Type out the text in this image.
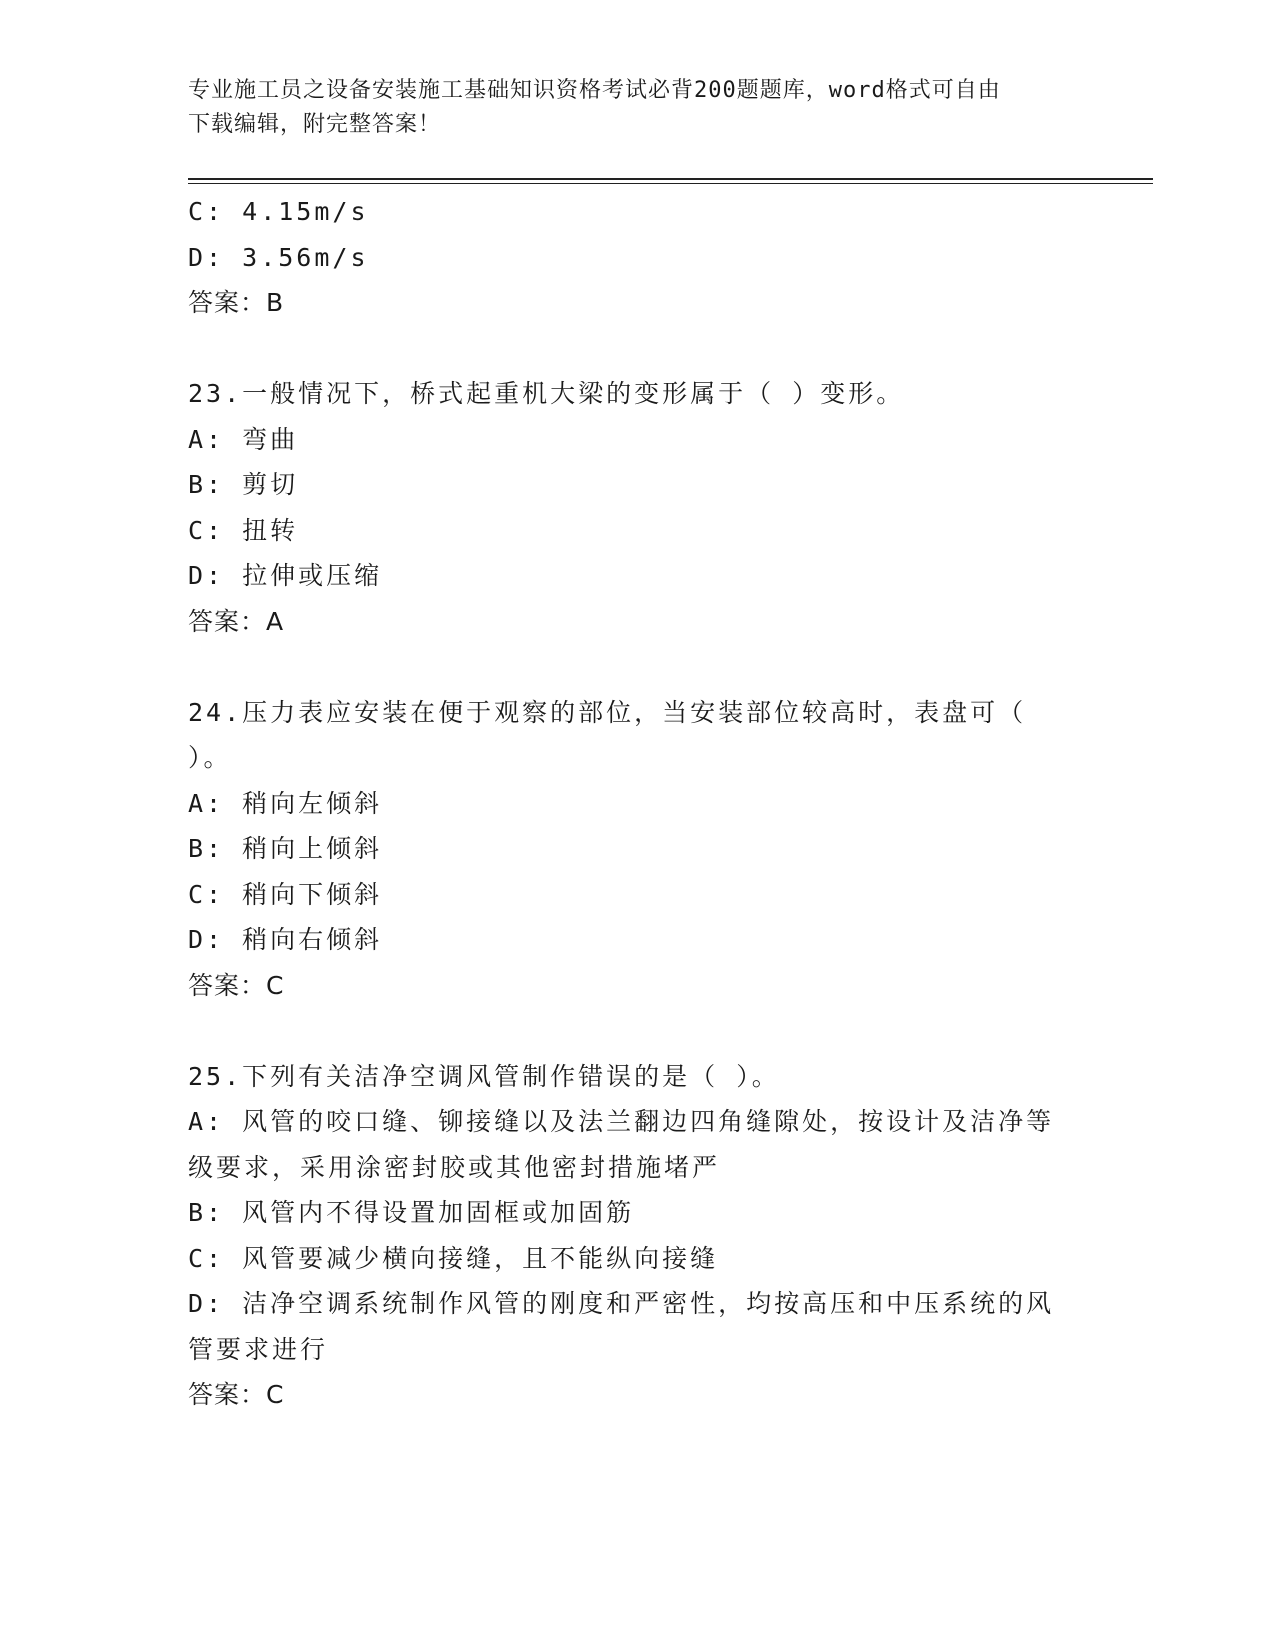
专业施工员之设备安装施工基础知识资格考试必背200题题库，word格式可自由
下载编辑，附完整答案！
C: 4.15m/s
D: 3.56m/s
答案：B
23.一般情况下，桥式起重机大梁的变形属于（ ）变形。
A: 弯曲
B: 剪切
C: 扭转
D: 拉伸或压缩
答案：A
24.压力表应安装在便于观察的部位，当安装部位较高时，表盘可（
）。
A: 稍向左倾斜
B: 稍向上倾斜
C: 稍向下倾斜
D: 稍向右倾斜
答案：C
25.下列有关洁净空调风管制作错误的是（ ）。
A: 风管的咬口缝、铆接缝以及法兰翻边四角缝隙处，按设计及洁净等
级要求，采用涂密封胶或其他密封措施堵严
B: 风管内不得设置加固框或加固筋
C: 风管要减少横向接缝，且不能纵向接缝
D: 洁净空调系统制作风管的刚度和严密性，均按高压和中压系统的风
管要求进行
答案：C
